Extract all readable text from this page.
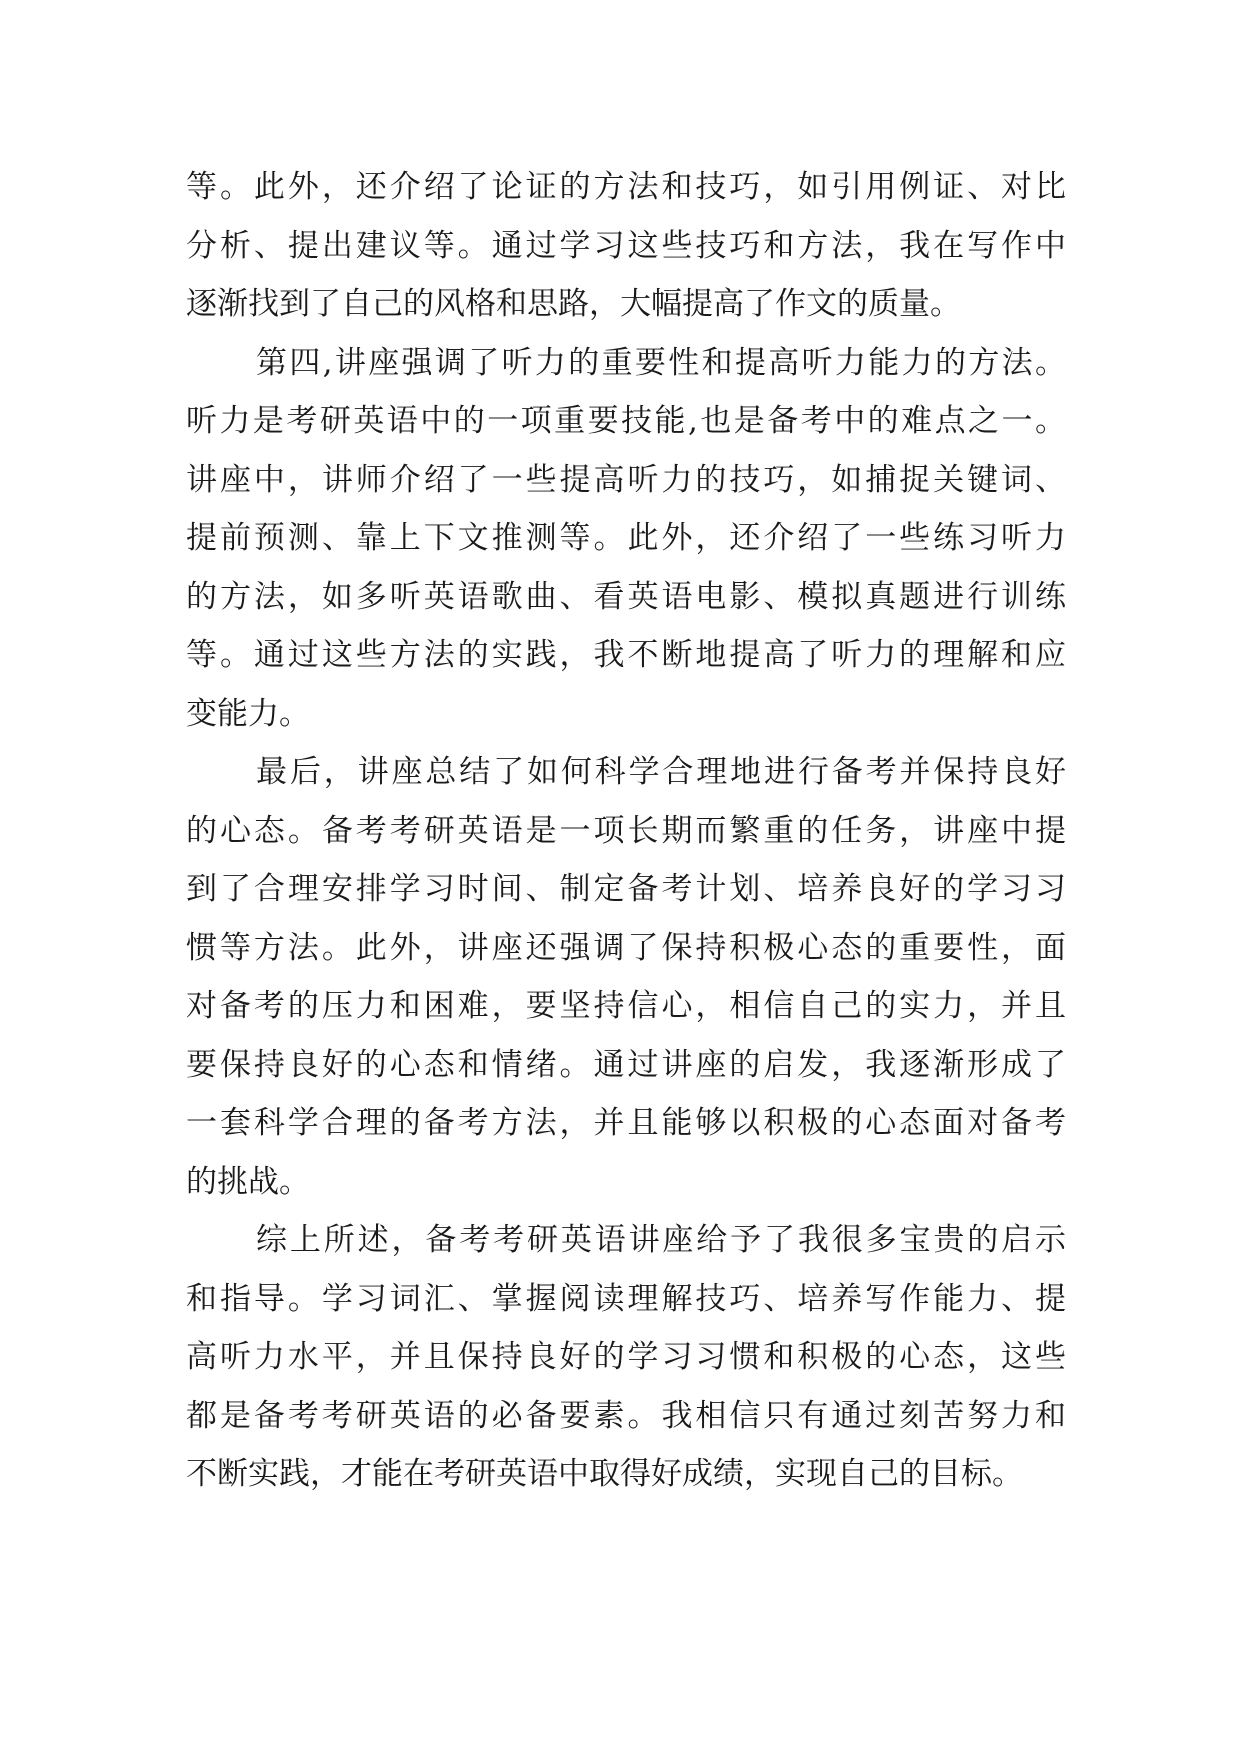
等。此外，还介绍了论证的方法和技巧，如引用例证、对比
分析、提出建议等。通过学习这些技巧和方法，我在写作中
逐渐找到了自己的风格和思路，大幅提高了作文的质量。
第四,讲座强调了听力的重要性和提高听力能力的方法。
听力是考研英语中的一项重要技能,也是备考中的难点之一。
讲座中，讲师介绍了一些提高听力的技巧，如捕捉关键词、
提前预测、靠上下文推测等。此外，还介绍了一些练习听力
的方法，如多听英语歌曲、看英语电影、模拟真题进行训练
等。通过这些方法的实践，我不断地提高了听力的理解和应
变能力。
最后，讲座总结了如何科学合理地进行备考并保持良好
的心态。备考考研英语是一项长期而繁重的任务，讲座中提
到了合理安排学习时间、制定备考计划、培养良好的学习习
惯等方法。此外，讲座还强调了保持积极心态的重要性，面
对备考的压力和困难，要坚持信心，相信自己的实力，并且
要保持良好的心态和情绪。通过讲座的启发，我逐渐形成了
一套科学合理的备考方法，并且能够以积极的心态面对备考
的挑战。
综上所述，备考考研英语讲座给予了我很多宝贵的启示
和指导。学习词汇、掌握阅读理解技巧、培养写作能力、提
高听力水平，并且保持良好的学习习惯和积极的心态，这些
都是备考考研英语的必备要素。我相信只有通过刻苦努力和
不断实践，才能在考研英语中取得好成绩，实现自己的目标。
